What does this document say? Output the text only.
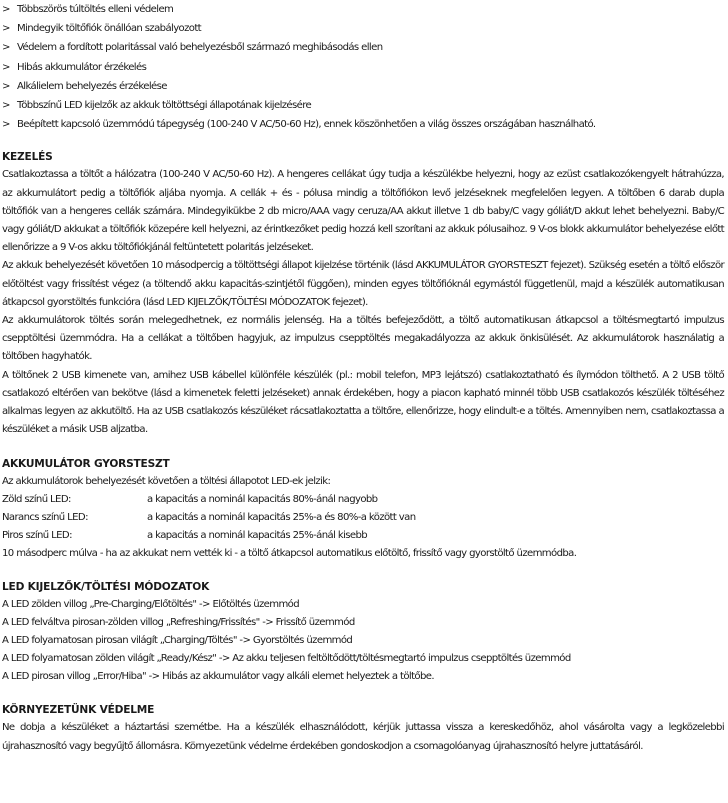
> Többszörös túltöltés elleni védelem
> Mindegyik töltőfiók önállóan szabályozott
> Védelem a fordított polaritással való behelyezésből származó meghibásodás ellen
> Hibás akkumulátor érzékelés
> Alkálielem behelyezés érzékelése
> Többszínű LED kijelzők az akkuk töltöttségi állapotának kijelzésére
> Beépített kapcsoló üzemmódú tápegység (100-240 V AC/50-60 Hz), ennek köszönhetően a világ összes országában használható.
KEZELÉS

Csatlakoztassa a töltőt a hálózatra (100-240 V AC/50-60 Hz). A hengeres cellákat úgy tudja a készülékbe helyezni, hogy az ezüst csatlakozókengyelt hátrahúzza, az akkumulátort pedig a töltőfiók aljába nyomja. A cellák + és - pólusa mindig a töltőfiókon levő jelzéseknek megfelelően legyen. A töltőben 6 darab dupla töltőfiók van a hengeres cellák számára. Mindegyikükbe 2 db micro/AAA vagy ceruza/AA akkut illetve 1 db baby/C vagy góliát/D akkut lehet behelyezni. Baby/C vagy góliát/D akkukat a töltőfiók közepére kell helyezni, az érintkezőket pedig hozzá kell szorítani az akkuk pólusaihoz. 9 V-os blokk akkumulátor behelyezése előtt ellenőrizze a 9 V-os akku töltőfiókjánál feltüntetett polaritás jelzéseket.

Az akkuk behelyezését követően 10 másodpercig a töltöttségi állapot kijelzése történik (lásd AKKUMULÁTOR GYORSTESZT fejezet). Szükség esetén a töltő először előtöltést vagy frissítést végez (a töltendő akku kapacitás-szintjétől függően), minden egyes töltőfióknál egymástól függetlenül, majd a készülék automatikusan átkapcsol gyorstöltés funkcióra (lásd LED KIJELZŐK/TÖLTÉSI MÓDOZATOK fejezet).

Az akkumulátorok töltés során melegedhetnek, ez normális jelenség. Ha a töltés befejeződött, a töltő automatikusan átkapcsol a töltésmegtartó impulzus csepptöltési üzemmódra. Ha a cellákat a töltőben hagyjuk, az impulzus csepptöltés megakadályozza az akkuk önkisülését. Az akkumulátorok használatig a töltőben hagyhatók.

A töltőnek 2 USB kimenete van, amihez USB kábellel különféle készülék (pl.: mobil telefon, MP3 lejátszó) csatlakoztatható és ílymódon tölthető. A 2 USB töltő csatlakozó eltérően van bekötve (lásd a kimenetek feletti jelzéseket) annak érdekében, hogy a piacon kapható minnél több USB csatlakozós készülék töltéséhez alkalmas legyen az akkutöltő. Ha az USB csatlakozós készüléket rácsatlakoztatta a töltőre, ellenőrizze, hogy elindult-e a töltés. Amennyiben nem, csatlakoztassa a készüléket a másik USB aljzatba.

AKKUMULÁTOR GYORSTESZT
Az akkumulátorok behelyezését követően a töltési állapotot LED-ek jelzik:
Zöld színű LED:	a kapacitás a nominál kapacitás 80%-ánál nagyobb
Narancs színű LED:	a kapacitás a nominál kapacitás 25%-a és 80%-a között van
Piros színű LED:	a kapacitás a nominál kapacitás 25%-ánál kisebb
10 másodperc múlva - ha az akkukat nem vették ki - a töltő átkapcsol automatikus előtöltő, frissítő vagy gyorstöltő üzemmódba.
LED KIJELZŐK/TÖLTÉSI MÓDOZATOK
A LED zölden villog „Pre-Charging/Előtöltés" -> Előtöltés üzemmód
A LED felváltva pirosan-zölden villog „Refreshing/Frissítés" -> Frissítő üzemmód
A LED folyamatosan pirosan világít „Charging/Töltés" -> Gyorstöltés üzemmód
A LED folyamatosan zölden világít „Ready/Kész" -> Az akku teljesen feltöltődött/töltésmegtartó impulzus csepptöltés üzemmód
A LED pirosan villog „Error/Hiba" -> Hibás az akkumulátor vagy alkáli elemet helyeztek a töltőbe.
KÖRNYEZETÜNK VÉDELME

Ne dobja a készüléket a háztartási szemétbe. Ha a készülék elhasználódott, kérjük juttassa vissza a kereskedőhöz, ahol vásárolta vagy a legközelebbi újrahasznosító vagy begyűjtő állomásra. Környezetünk védelme érdekében gondoskodjon a csomagolóanyag újrahasznosító helyre juttatásáról.
